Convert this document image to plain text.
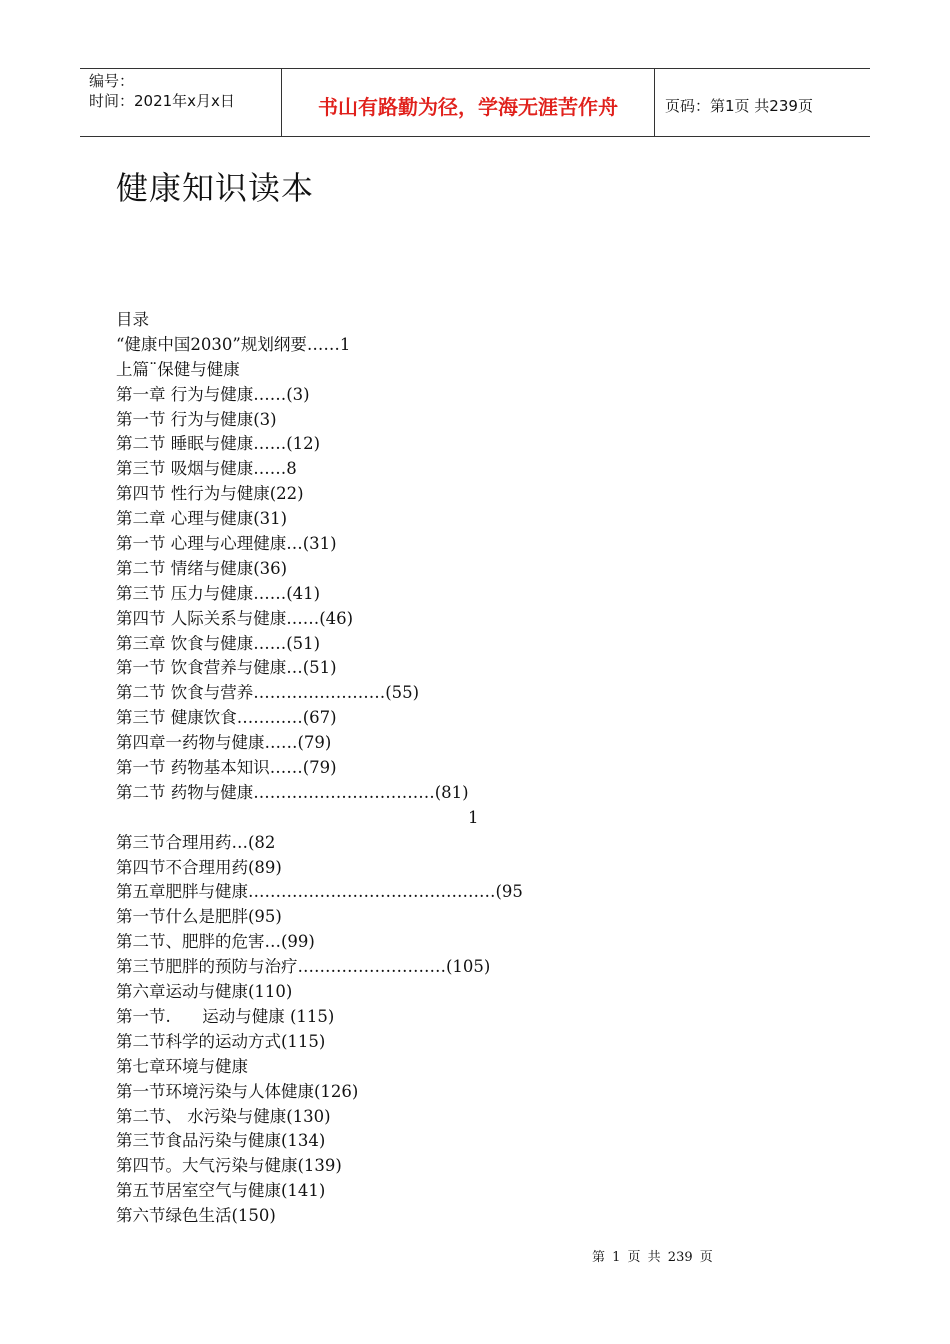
编号：
时间：2021年x月x日	书山有路勤为径，学海无涯苦作舟	页码：第1页 共239页
健康知识读本
目录
“健康中国2030”规划纲要……1
上篇¨保健与健康
第一章 行为与健康……(3)
第一节 行为与健康(3)
第二节 睡眠与健康……(12)
第三节 吸烟与健康……8
第四节 性行为与健康(22)
第二章 心理与健康(31)
第一节 心理与心理健康…(31)
第二节 情绪与健康(36)
第三节 压力与健康……(41)
第四节 人际关系与健康……(46)
第三章 饮食与健康……(51)
第一节 饮食营养与健康…(51)
第二节 饮食与营养……………………(55)
第三节 健康饮食…………(67)
第四章一药物与健康……(79)
第一节 药物基本知识……(79)
第二节 药物与健康……………………………(81)
1
第三节合理用药…(82
第四节不合理用药(89)
第五章肥胖与健康………………………………………(95
第一节什么是肥胖(95)
第二节、肥胖的危害…(99)
第三节肥胖的预防与治疗………………………(105)
第六章运动与健康(110)
第一节.      运动与健康 (115)
第二节科学的运动方式(115)
第七章环境与健康
第一节环境污染与人体健康(126)
第二节、 水污染与健康(130)
第三节食品污染与健康(134)
第四节。大气污染与健康(139)
第五节居室空气与健康(141)
第六节绿色生活(150)
第 1 页 共 239 页
